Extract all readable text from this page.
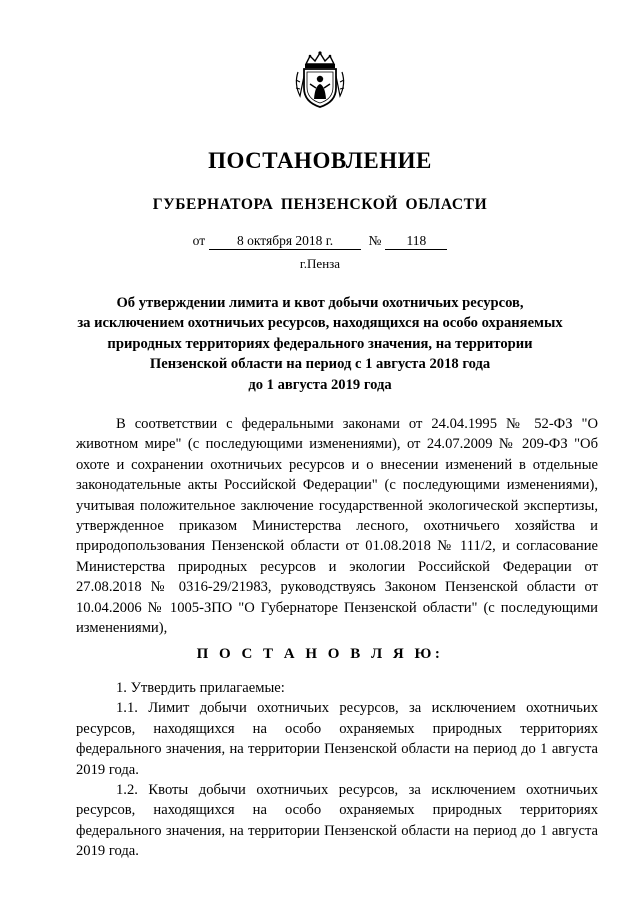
ПОСТАНОВЛЕНИЕ
ГУБЕРНАТОРА ПЕНЗЕНСКОЙ ОБЛАСТИ
от 8 октября 2018 г.	№ 118
г.Пенза
Об утверждении лимита и квот добычи охотничьих ресурсов,
за исключением охотничьих ресурсов, находящихся на особо охраняемых
природных территориях федерального значения, на территории
Пензенской области на период с 1 августа 2018 года
до 1 августа 2019 года

В соответствии с федеральными законами от 24.04.1995 № 52-ФЗ "О животном мире" (с последующими изменениями), от 24.07.2009 № 209-ФЗ "Об охоте и сохранении охотничьих ресурсов и о внесении изменений в отдельные законодательные акты Российской Федерации" (с последующими изменениями), учитывая положительное заключение государственной экологической экспертизы, утвержденное приказом Министерства лесного, охотничьего хозяйства и природопользования Пензенской области от 01.08.2018 № 111/2, и согласование Министерства природных ресурсов и экологии Российской Федерации от 27.08.2018 № 0316-29/21983, руководствуясь Законом Пензенской области от 10.04.2006 № 1005-ЗПО "О Губернаторе Пензенской области" (с последующими изменениями),

П О С Т А Н О В Л Я Ю:

1. Утвердить прилагаемые:

1.1. Лимит добычи охотничьих ресурсов, за исключением охотничьих ресурсов, находящихся на особо охраняемых природных территориях федерального значения, на территории Пензенской области на период до 1 августа 2019 года.

1.2. Квоты добычи охотничьих ресурсов, за исключением охотничьих ресурсов, находящихся на особо охраняемых природных территориях федерального значения, на территории Пензенской области на период до 1 августа 2019 года.
